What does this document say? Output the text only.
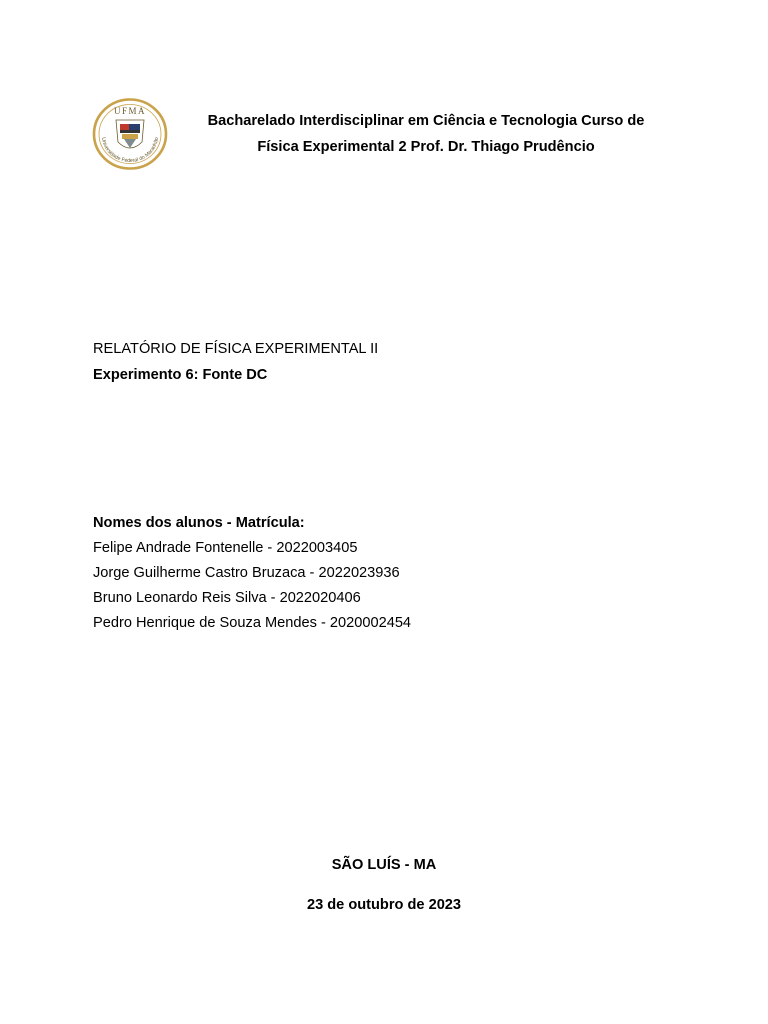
UFMA
Universidade Federal do Maranhão
Bacharelado Interdisciplinar em Ciência e Tecnologia Curso de
Física Experimental 2 Prof. Dr. Thiago Prudêncio
RELATÓRIO DE FÍSICA EXPERIMENTAL II
Experimento 6: Fonte DC
Nomes dos alunos - Matrícula:
Felipe Andrade Fontenelle - 2022003405
Jorge Guilherme Castro Bruzaca - 2022023936
Bruno Leonardo Reis Silva - 2022020406
Pedro Henrique de Souza Mendes - 2020002454
SÃO LUÍS - MA
23 de outubro de 2023
